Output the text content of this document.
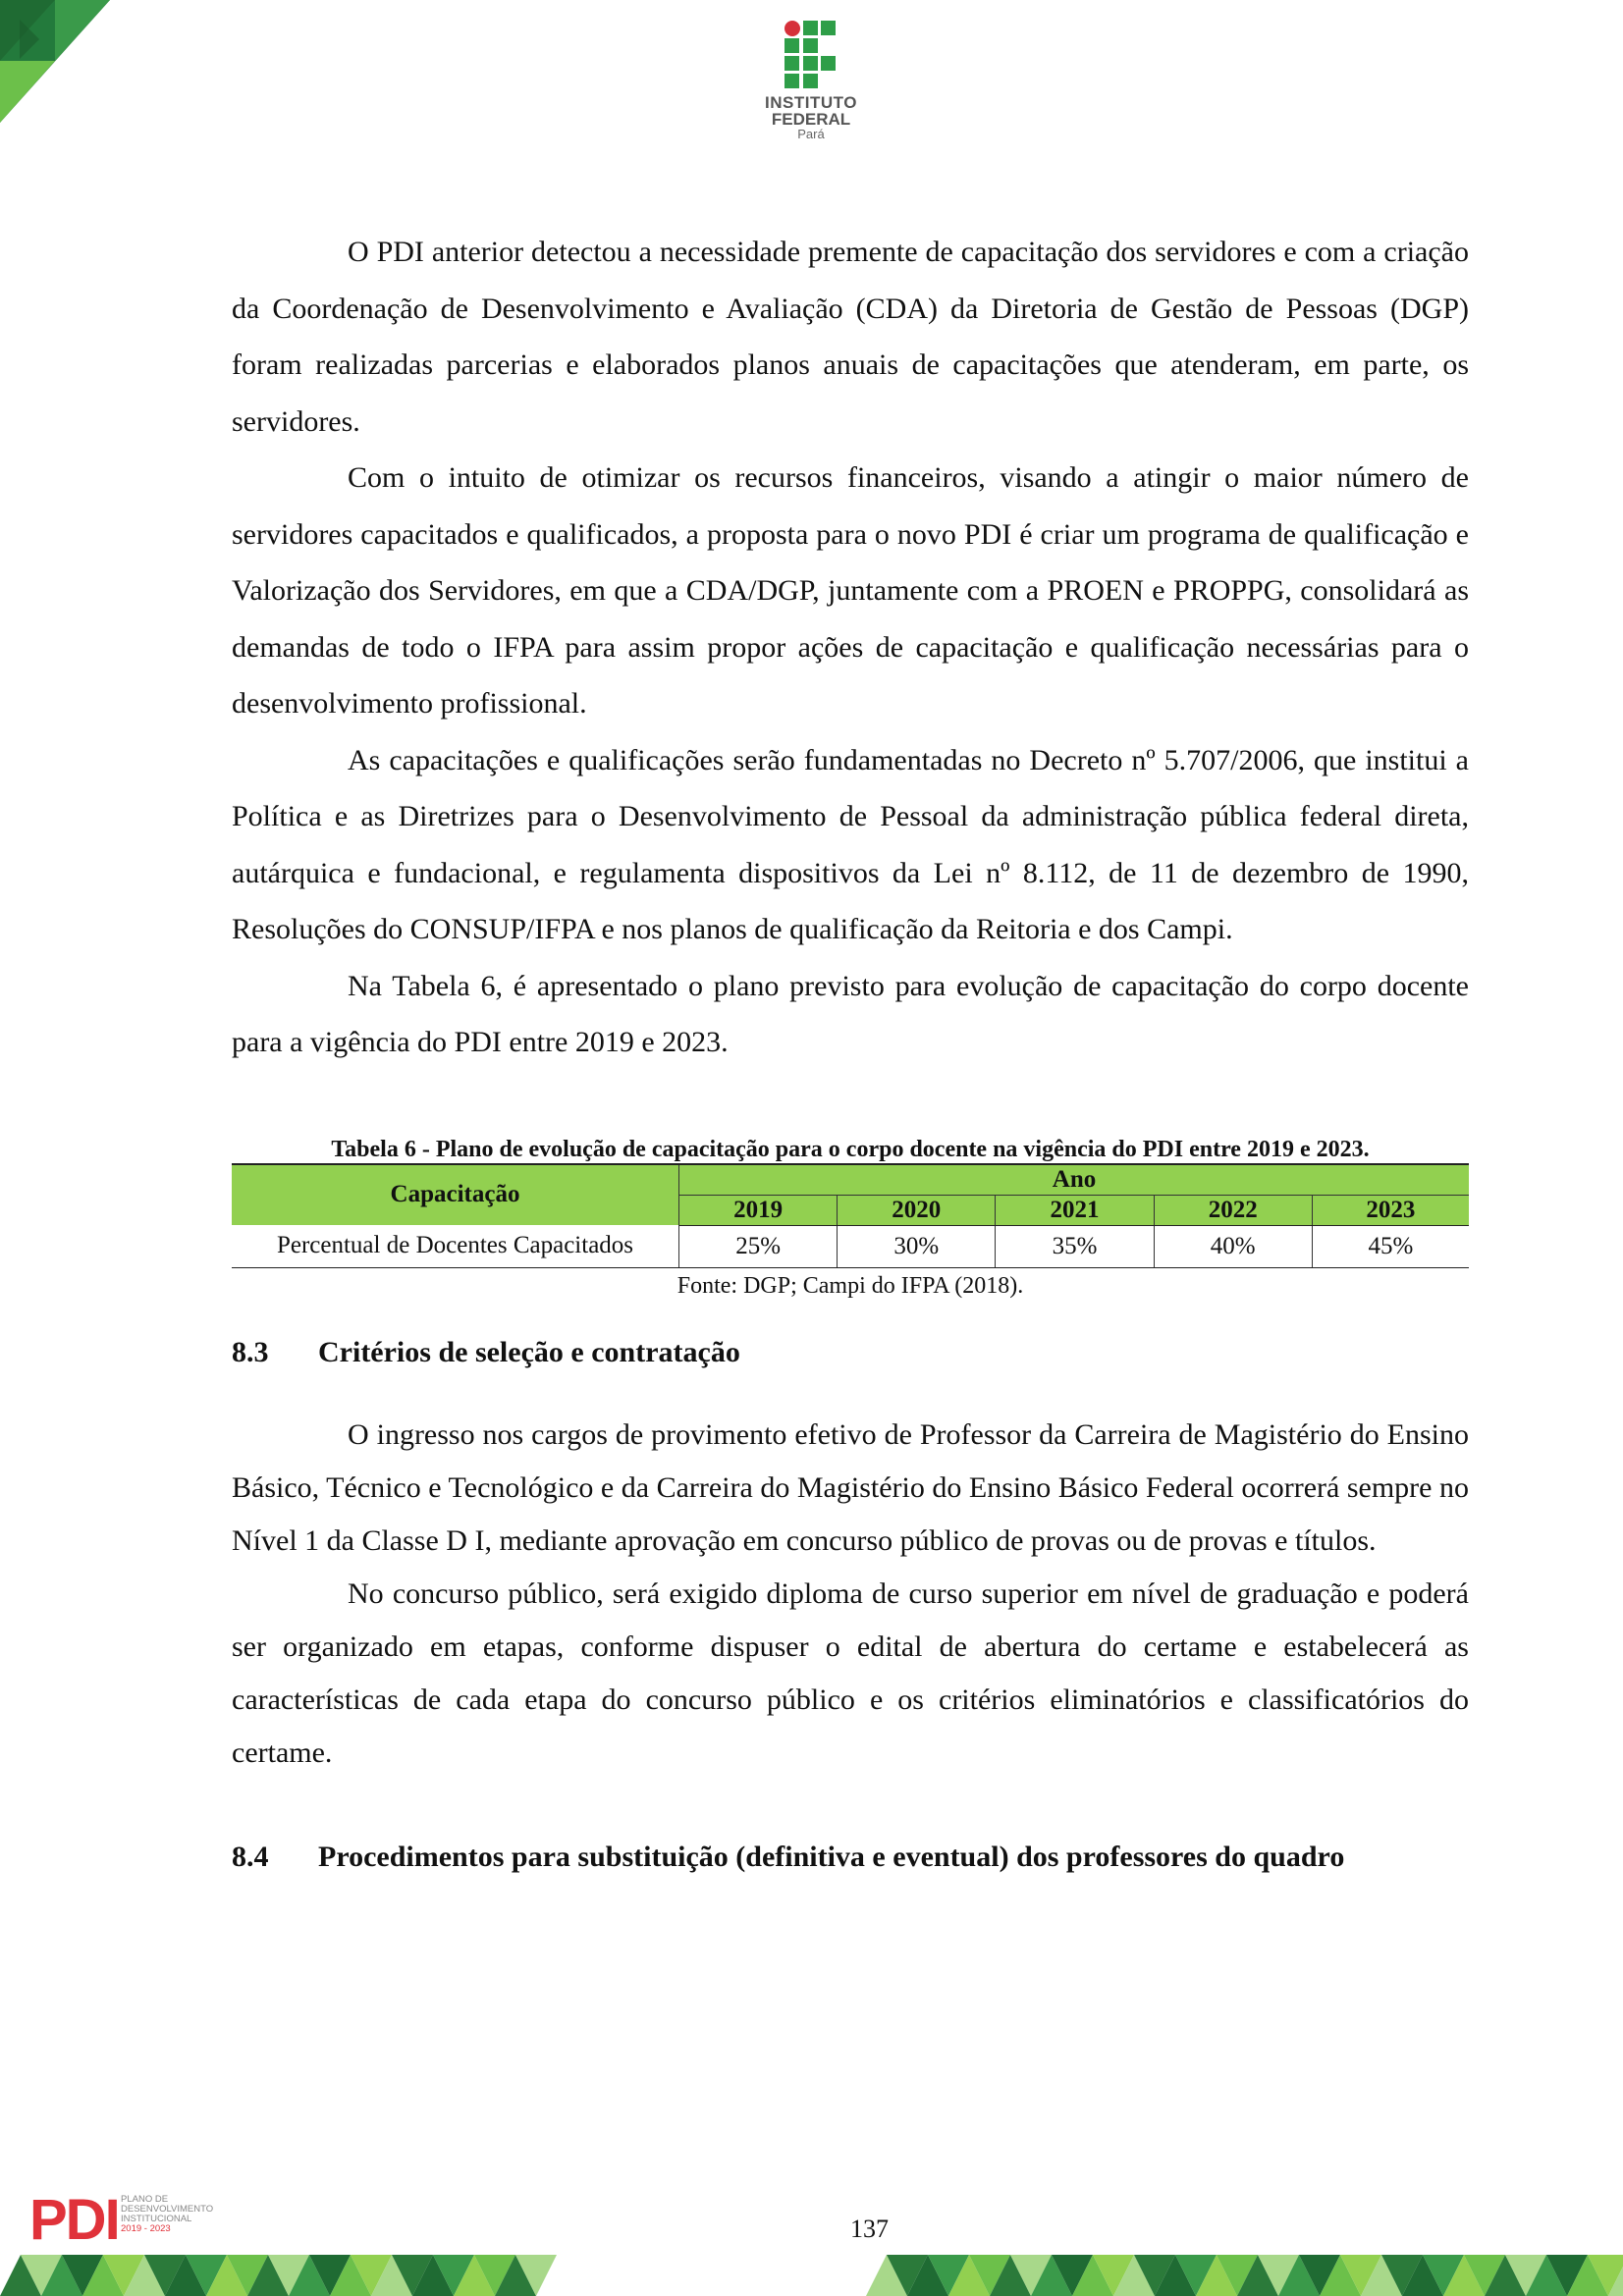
INSTITUTO
FEDERAL
Pará

O PDI anterior detectou a necessidade premente de capacitação dos servidores e com a criação da Coordenação de Desenvolvimento e Avaliação (CDA) da Diretoria de Gestão de Pessoas (DGP) foram realizadas parcerias e elaborados planos anuais de capacitações que atenderam, em parte, os servidores.

Com o intuito de otimizar os recursos financeiros, visando a atingir o maior número de servidores capacitados e qualificados, a proposta para o novo PDI é criar um programa de qualificação e Valorização dos Servidores, em que a CDA/DGP, juntamente com a PROEN e PROPPG, consolidará as demandas de todo o IFPA para assim propor ações de capacitação e qualificação necessárias para o desenvolvimento profissional.

As capacitações e qualificações serão fundamentadas no Decreto nº 5.707/2006, que institui a Política e as Diretrizes para o Desenvolvimento de Pessoal da administração pública federal direta, autárquica e fundacional, e regulamenta dispositivos da Lei nº 8.112, de 11 de dezembro de 1990, Resoluções do CONSUP/IFPA e nos planos de qualificação da Reitoria e dos Campi.

Na Tabela 6, é apresentado o plano previsto para evolução de capacitação do corpo docente para a vigência do PDI entre 2019 e 2023.

Tabela 6 - Plano de evolução de capacitação para o corpo docente na vigência do PDI entre 2019 e 2023.
Capacitação	Ano				
	2019	2020	2021	2022	2023
Percentual de Docentes Capacitados	25%	30%	35%	40%	45%
Fonte: DGP; Campi do IFPA (2018).
8.3 Critérios de seleção e contratação

O ingresso nos cargos de provimento efetivo de Professor da Carreira de Magistério do Ensino Básico, Técnico e Tecnológico e da Carreira do Magistério do Ensino Básico Federal ocorrerá sempre no Nível 1 da Classe D I, mediante aprovação em concurso público de provas ou de provas e títulos.

No concurso público, será exigido diploma de curso superior em nível de graduação e poderá ser organizado em etapas, conforme dispuser o edital de abertura do certame e estabelecerá as características de cada etapa do concurso público e os critérios eliminatórios e classificatórios do certame.

8.4 Procedimentos para substituição (definitiva e eventual) dos professores do quadro
PDI PLANO DE
DESENVOLVIMENTO
INSTITUCIONAL
2019 - 2023	137
